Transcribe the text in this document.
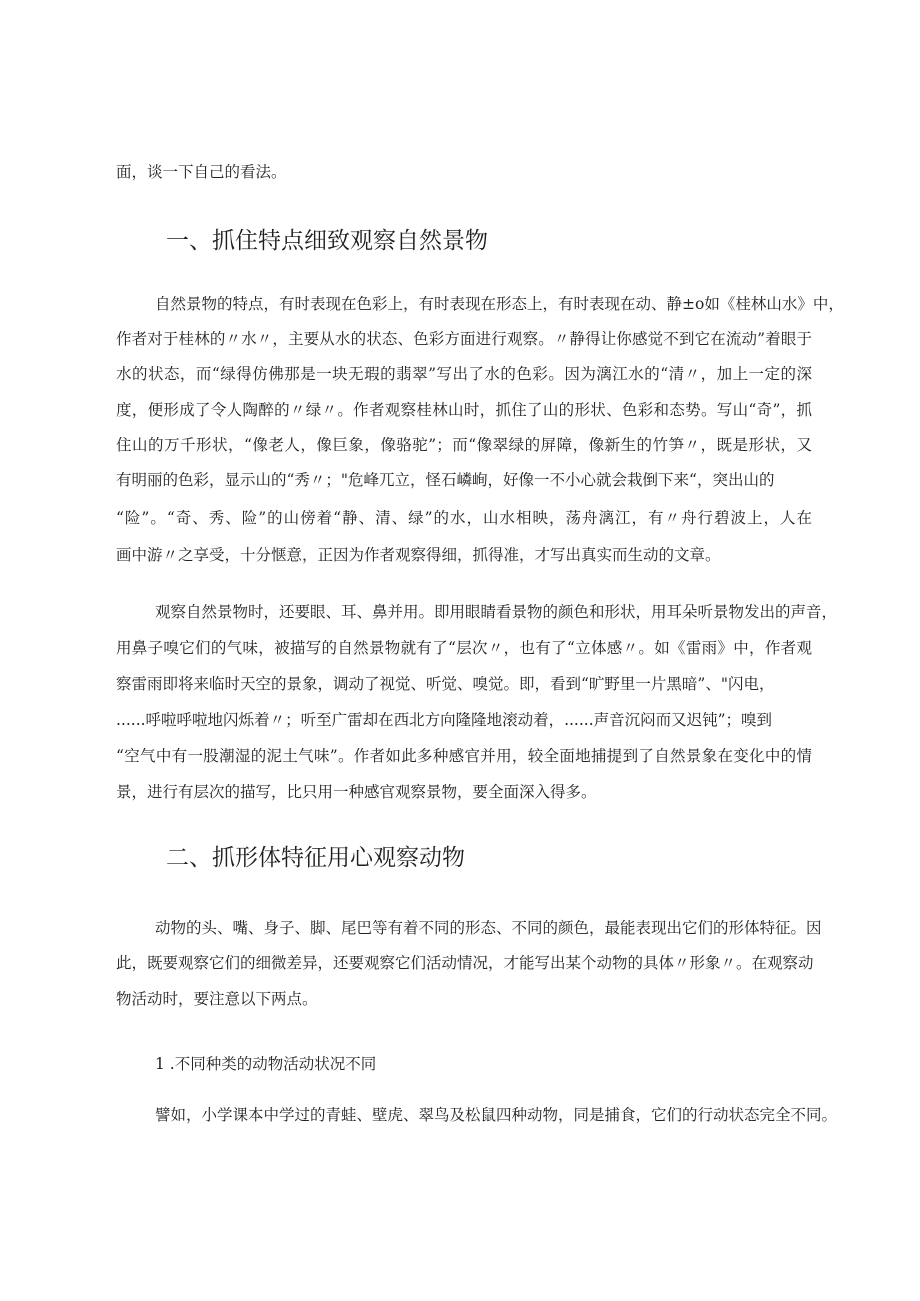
面，谈一下自己的看法。
一、抓住特点细致观察自然景物
自然景物的特点，有时表现在色彩上，有时表现在形态上，有时表现在动、静±o如《桂林山水》中，
作者对于桂林的〃水〃，主要从水的状态、色彩方面进行观察。〃静得让你感觉不到它在流动”着眼于
水的状态，而“绿得仿佛那是一块无瑕的翡翠”写出了水的色彩。因为漓江水的“清〃，加上一定的深
度，便形成了令人陶醉的〃绿〃。作者观察桂林山时，抓住了山的形状、色彩和态势。写山“奇”，抓
住山的万千形状，“像老人，像巨象，像骆驼”；而“像翠绿的屏障，像新生的竹笋〃，既是形状，又
有明丽的色彩，显示山的“秀〃；"危峰兀立，怪石嶙峋，好像一不小心就会栽倒下来“，突出山的
“险”。“奇、秀、险”的山傍着“静、清、绿”的水，山水相映，荡舟漓江，有〃舟行碧波上，人在
画中游〃之享受，十分惬意，正因为作者观察得细，抓得准，才写出真实而生动的文章。
观察自然景物时，还要眼、耳、鼻并用。即用眼睛看景物的颜色和形状，用耳朵听景物发出的声音，
用鼻子嗅它们的气味，被描写的自然景物就有了“层次〃，也有了“立体感〃。如《雷雨》中，作者观
察雷雨即将来临时天空的景象，调动了视觉、听觉、嗅觉。即，看到“旷野里一片黑暗”、"闪电，
......呼啦呼啦地闪烁着〃；听至广雷却在西北方向隆隆地滚动着，......声音沉闷而又迟钝”；嗅到
“空气中有一股潮湿的泥土气味”。作者如此多种感官并用，较全面地捕提到了自然景象在变化中的情
景，进行有层次的描写，比只用一种感官观察景物，要全面深入得多。
二、抓形体特征用心观察动物
动物的头、嘴、身子、脚、尾巴等有着不同的形态、不同的颜色，最能表现出它们的形体特征。因
此，既要观察它们的细微差异，还要观察它们活动情况，才能写出某个动物的具体〃形象〃。在观察动
物活动时，要注意以下两点。
1 .不同种类的动物活动状况不同
譬如，小学课本中学过的青蛙、壁虎、翠鸟及松鼠四种动物，同是捕食，它们的行动状态完全不同。
